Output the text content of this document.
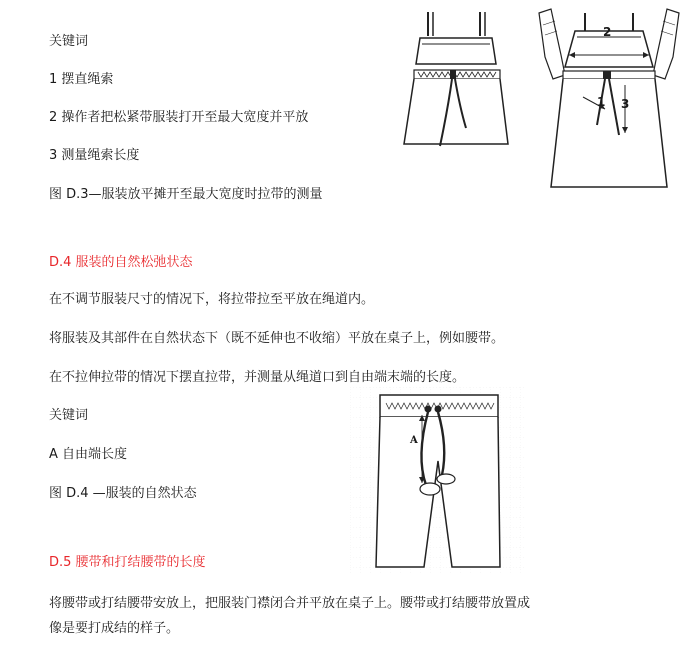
关键词
1 摆直绳索
2 操作者把松紧带服装打开至最大宽度并平放
3 测量绳索长度
图 D.3—服装放平摊开至最大宽度时拉带的测量
2
1 3
D.4 服装的自然松弛状态
在不调节服装尺寸的情况下，将拉带拉至平放在绳道内。
将服装及其部件在自然状态下（既不延伸也不收缩）平放在桌子上，例如腰带。
在不拉伸拉带的情况下摆直拉带，并测量从绳道口到自由端末端的长度。
A
关键词
A 自由端长度
图 D.4 —服装的自然状态
D.5 腰带和打结腰带的长度
将腰带或打结腰带安放上，把服装门襟闭合并平放在桌子上。腰带或打结腰带放置成
像是要打成结的样子。
